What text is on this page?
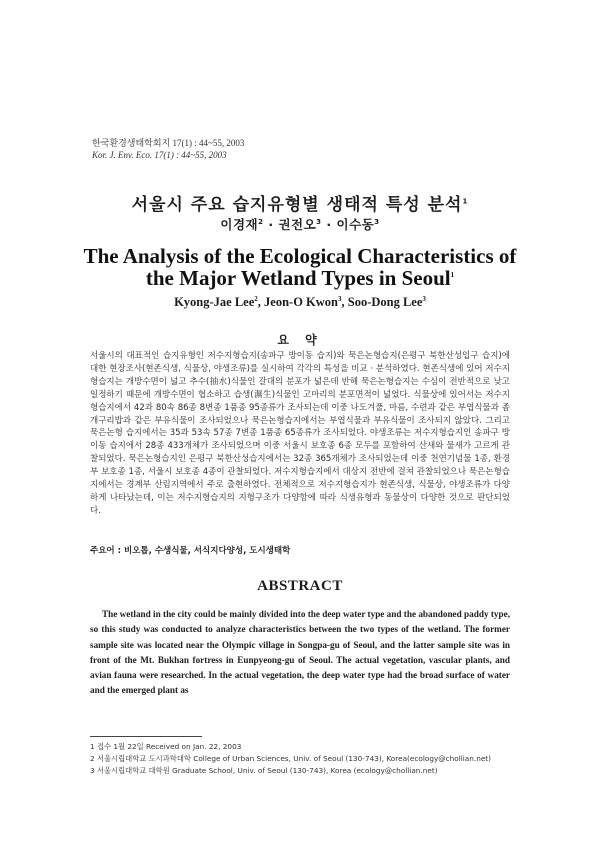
한국환경생태학회지 17(1) : 44~55, 2003
Kor. J. Env. Eco. 17(1) : 44~55, 2003
서울시 주요 습지유형별 생태적 특성 분석$^1$
이경재$^2$ · 권전오$^3$ · 이수동$^3$
The Analysis of the Ecological Characteristics of
the Major Wetland Types in Seoul$^1$
Kyong-Jae Lee$^2$, Jeon-O Kwon$^3$, Soo-Dong Lee$^3$
요 약
서울시의 대표적인 습지유형인 저수지형습지(송파구 방이동 습지)와 묵은논형습지(은평구 북한산성입구 습지)에 대한 현장조사(현존식생, 식물상, 야생조류)를 실시하여 각각의 특성을 비교 · 분석하였다. 현존식생에 있어 저수지형습지는 개방수면이 넓고 추수(抽水)식물인 갈대의 분포가 넓은데 반해 묵은논형습지는 수심이 전반적으로 낮고 일정하기 때문에 개방수면이 협소하고 습생(濕生)식물인 고마리의 분포면적이 넓었다. 식물상에 있어서는 저수지형습지에서 42과 80속 86종 8변종 1품종 95종류가 조사되는데 이중 나도겨풀, 마름, 수련과 같은 부엽식물과 좀개구리밥과 같은 부유식물이 조사되었으나 묵은논형습지에서는 부엽식물과 부유식물이 조사되지 않았다. 그리고 묵은논형 습지에서는 35과 53속 57종 7변종 1품종 65종류가 조사되었다. 야생조류는 저수지형습지인 송파구 방이동 습지에서 28종 433개체가 조사되었으며 이중 서울시 보호종 6종 모두를 포함하여 산새와 물새가 고르게 관찰되었다. 묵은논형습지인 은평구 북한산성습지에서는 32종 365개체가 조사되었는데 이중 천연기념물 1종, 환경부 보호종 1종, 서울시 보호종 4종이 관찰되었다. 저수지형습지에서 대상지 전반에 걸쳐 관찰되었으나 묵은논형습지에서는 경계부 산림지역에서 주로 출현하였다. 전체적으로 저수지형습지가 현존식생, 식물상, 야생조류가 다양하게 나타났는데, 이는 저수지형습지의 지형구조가 다양함에 따라 식생유형과 동물상이 다양한 것으로 판단되었다.
주요어 : 비오톱, 수생식물, 서식지다양성, 도시생태학
ABSTRACT

The wetland in the city could be mainly divided into the deep water type and the abandoned paddy type, so this study was conducted to analyze characteristics between the two types of the wetland. The former sample site was located near the Olympic village in Songpa-gu of Seoul, and the latter sample site was in front of the Mt. Bukhan fortress in Eunpyeong-gu of Seoul. The actual vegetation, vascular plants, and avian fauna were researched. In the actual vegetation, the deep water type had the broad surface of water and the emerged plant as

1 접수 1월 22일 Received on Jan. 22, 2003
2 서울시립대학교 도시과학대학 College of Urban Sciences, Univ. of Seoul (130-743), Korea(ecology@chollian.net)
3 서울시립대학교 대학원 Graduate School, Univ. of Seoul (130-743), Korea (ecology@chollian.net)
